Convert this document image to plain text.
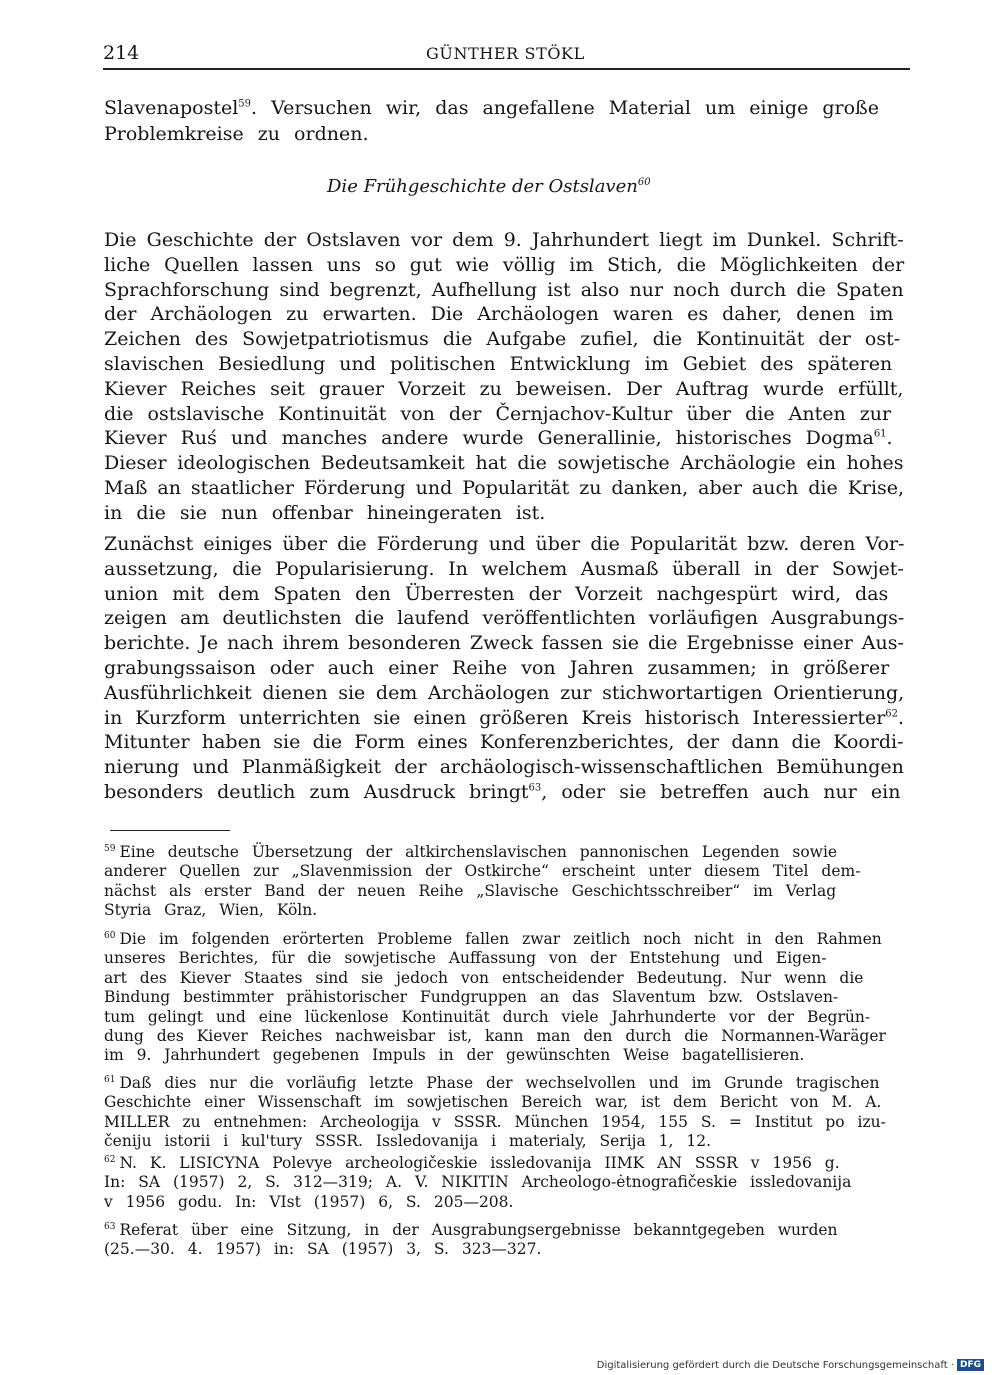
214	GÜNTHER STÖKL
Slavenapostel$^{59}$. Versuchen wir, das angefallene Material um einige große
Problemkreise zu ordnen.
Die Frühgeschichte der Ostslaven$^{60}$
Die Geschichte der Ostslaven vor dem 9. Jahrhundert liegt im Dunkel. Schrift-
liche Quellen lassen uns so gut wie völlig im Stich, die Möglichkeiten der
Sprachforschung sind begrenzt, Aufhellung ist also nur noch durch die Spaten
der Archäologen zu erwarten. Die Archäologen waren es daher, denen im
Zeichen des Sowjetpatriotismus die Aufgabe zufiel, die Kontinuität der ost-
slavischen Besiedlung und politischen Entwicklung im Gebiet des späteren
Kiever Reiches seit grauer Vorzeit zu beweisen. Der Auftrag wurde erfüllt,
die ostslavische Kontinuität von der Černjachov-Kultur über die Anten zur
Kiever Ruś und manches andere wurde Generallinie, historisches Dogma$^{61}$.
Dieser ideologischen Bedeutsamkeit hat die sowjetische Archäologie ein hohes
Maß an staatlicher Förderung und Popularität zu danken, aber auch die Krise,
in die sie nun offenbar hineingeraten ist.
Zunächst einiges über die Förderung und über die Popularität bzw. deren Vor-
aussetzung, die Popularisierung. In welchem Ausmaß überall in der Sowjet-
union mit dem Spaten den Überresten der Vorzeit nachgespürt wird, das
zeigen am deutlichsten die laufend veröffentlichten vorläufigen Ausgrabungs-
berichte. Je nach ihrem besonderen Zweck fassen sie die Ergebnisse einer Aus-
grabungssaison oder auch einer Reihe von Jahren zusammen; in größerer
Ausführlichkeit dienen sie dem Archäologen zur stichwortartigen Orientierung,
in Kurzform unterrichten sie einen größeren Kreis historisch Interessierter$^{62}$.
Mitunter haben sie die Form eines Konferenzberichtes, der dann die Koordi-
nierung und Planmäßigkeit der archäologisch-wissenschaftlichen Bemühungen
besonders deutlich zum Ausdruck bringt$^{63}$, oder sie betreffen auch nur ein
$^{59}$ Eine deutsche Übersetzung der altkirchenslavischen pannonischen Legenden sowie
anderer Quellen zur „Slavenmission der Ostkirche“ erscheint unter diesem Titel dem-
nächst als erster Band der neuen Reihe „Slavische Geschichtsschreiber“ im Verlag
Styria Graz, Wien, Köln.
$^{60}$ Die im folgenden erörterten Probleme fallen zwar zeitlich noch nicht in den Rahmen
unseres Berichtes, für die sowjetische Auffassung von der Entstehung und Eigen-
art des Kiever Staates sind sie jedoch von entscheidender Bedeutung. Nur wenn die
Bindung bestimmter prähistorischer Fundgruppen an das Slaventum bzw. Ostslaven-
tum gelingt und eine lückenlose Kontinuität durch viele Jahrhunderte vor der Begrün-
dung des Kiever Reiches nachweisbar ist, kann man den durch die Normannen-Waräger
im 9. Jahrhundert gegebenen Impuls in der gewünschten Weise bagatellisieren.
$^{61}$ Daß dies nur die vorläufig letzte Phase der wechselvollen und im Grunde tragischen
Geschichte einer Wissenschaft im sowjetischen Bereich war, ist dem Bericht von M. A.
MILLER zu entnehmen: Archeologija v SSSR. München 1954, 155 S. = Institut po izu-
čeniju istorii i kul'tury SSSR. Issledovanija i materialy, Serija 1, 12.
$^{62}$ N. K. LISICYNA Polevye archeologičeskie issledovanija IIMK AN SSSR v 1956 g.
In: SA (1957) 2, S. 312—319; A. V. NIKITIN Archeologo-ėtnografičeskie issledovanija
v 1956 godu. In: VIst (1957) 6, S. 205—208.
$^{63}$ Referat über eine Sitzung, in der Ausgrabungsergebnisse bekanntgegeben wurden
(25.—30. 4. 1957) in: SA (1957) 3, S. 323—327.
Digitalisierung gefördert durch die Deutsche Forschungsgemeinschaft · DFG
